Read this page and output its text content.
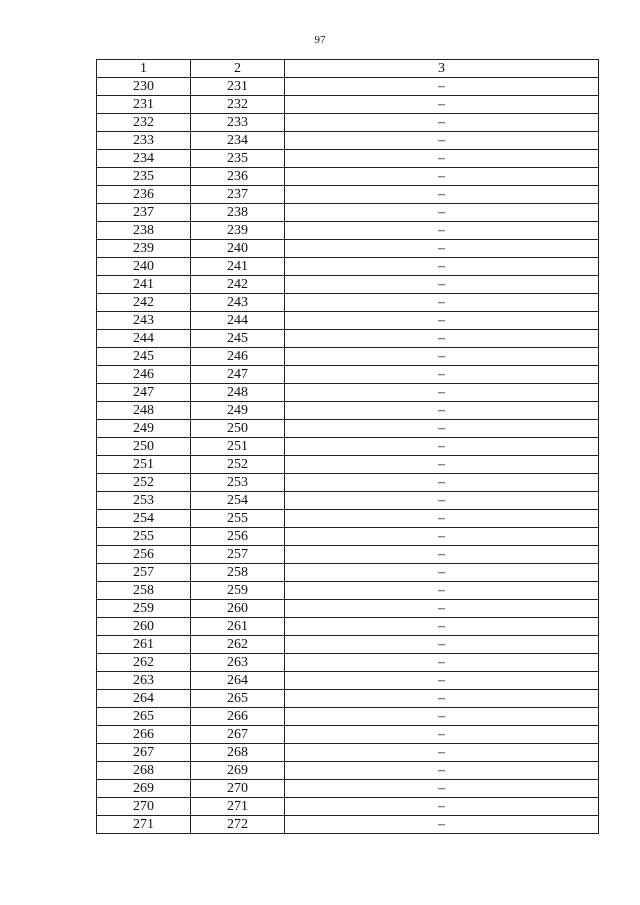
97
1	2	3
230	231	–
231	232	–
232	233	–
233	234	–
234	235	–
235	236	–
236	237	–
237	238	–
238	239	–
239	240	–
240	241	–
241	242	–
242	243	–
243	244	–
244	245	–
245	246	–
246	247	–
247	248	–
248	249	–
249	250	–
250	251	–
251	252	–
252	253	–
253	254	–
254	255	–
255	256	–
256	257	–
257	258	–
258	259	–
259	260	–
260	261	–
261	262	–
262	263	–
263	264	–
264	265	–
265	266	–
266	267	–
267	268	–
268	269	–
269	270	–
270	271	–
271	272	–
